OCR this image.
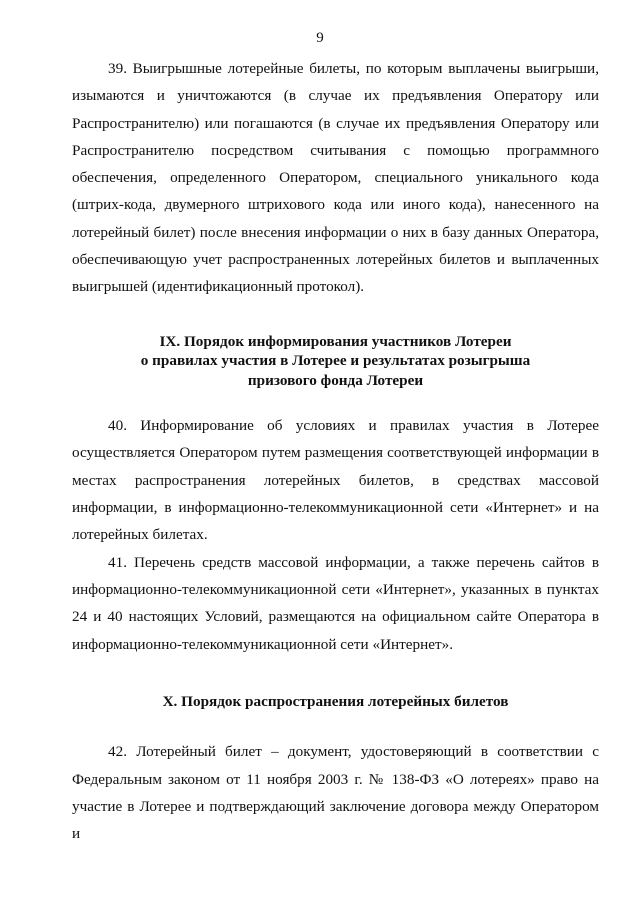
9

39. Выигрышные лотерейные билеты, по которым выплачены выигрыши, изымаются и уничтожаются (в случае их предъявления Оператору или Распространителю) или погашаются (в случае их предъявления Оператору или Распространителю посредством считывания с помощью программного обеспечения, определенного Оператором, специального уникального кода (штрих-кода, двумерного штрихового кода или иного кода), нанесенного на лотерейный билет) после внесения информации о них в базу данных Оператора, обеспечивающую учет распространенных лотерейных билетов и выплаченных выигрышей (идентификационный протокол).

IX. Порядок информирования участников Лотереи
о правилах участия в Лотерее и результатах розыгрыша
призового фонда Лотереи

40. Информирование об условиях и правилах участия в Лотерее осуществляется Оператором путем размещения соответствующей информации в местах распространения лотерейных билетов, в средствах массовой информации, в информационно-телекоммуникационной сети «Интернет» и на лотерейных билетах.

41. Перечень средств массовой информации, а также перечень сайтов в информационно-телекоммуникационной сети «Интернет», указанных в пунктах 24 и 40 настоящих Условий, размещаются на официальном сайте Оператора в информационно-телекоммуникационной сети «Интернет».

X. Порядок распространения лотерейных билетов

42. Лотерейный билет – документ, удостоверяющий в соответствии с Федеральным законом от 11 ноября 2003 г. № 138-ФЗ «О лотереях» право на участие в Лотерее и подтверждающий заключение договора между Оператором и
